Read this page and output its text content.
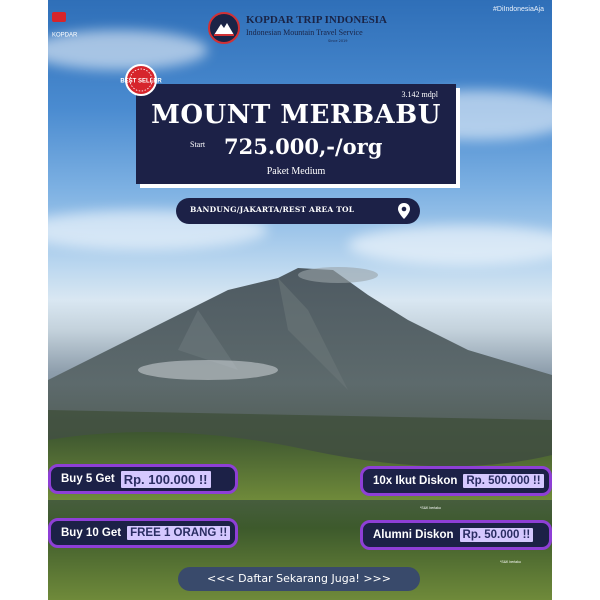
KOPDAR
#DiIndonesiaAja
KOPDAR TRIP INDONESIA
Indonesian Mountain Travel Service
Since 2019
3.142 mdpl
MOUNT MERBABU
Start 725.000,-/org
Paket Medium
BEST SELLER
BANDUNG/JAKARTA/REST AREA TOL
Buy 5 Get Rp. 100.000 !!	10x Ikut Diskon Rp. 500.000 !!
*S&K berlaku
Buy 10 Get FREE 1 ORANG !!	Alumni Diskon Rp. 50.000 !!
*S&K berlaku
<<< Daftar Sekarang Juga! >>>
